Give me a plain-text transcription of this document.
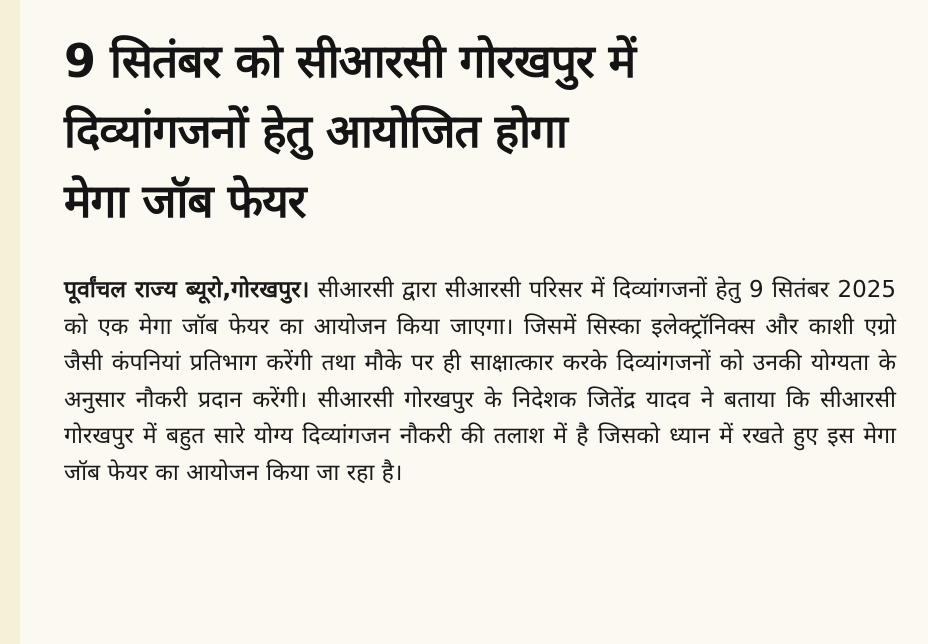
9 सितंबर को सीआरसी गोरखपुर में
दिव्यांगजनों हेतु आयोजित होगा
मेगा जॉब फेयर
पूर्वांचल राज्य ब्यूरो,गोरखपुर। सीआरसी द्वारा सीआरसी परिसर में दिव्यांगजनों हेतु 9 सितंबर 2025 को एक मेगा जॉब फेयर का आयोजन किया जाएगा। जिसमें सिस्का इलेक्ट्रॉनिक्स और काशी एग्रो जैसी कंपनियां प्रतिभाग करेंगी तथा मौके पर ही साक्षात्कार करके दिव्यांगजनों को उनकी योग्यता के अनुसार नौकरी प्रदान करेंगी। सीआरसी गोरखपुर के निदेशक जितेंद्र यादव ने बताया कि सीआरसी गोरखपुर में बहुत सारे योग्य दिव्यांगजन नौकरी की तलाश में है जिसको ध्यान में रखते हुए इस मेगा जॉब फेयर का आयोजन किया जा रहा है।
